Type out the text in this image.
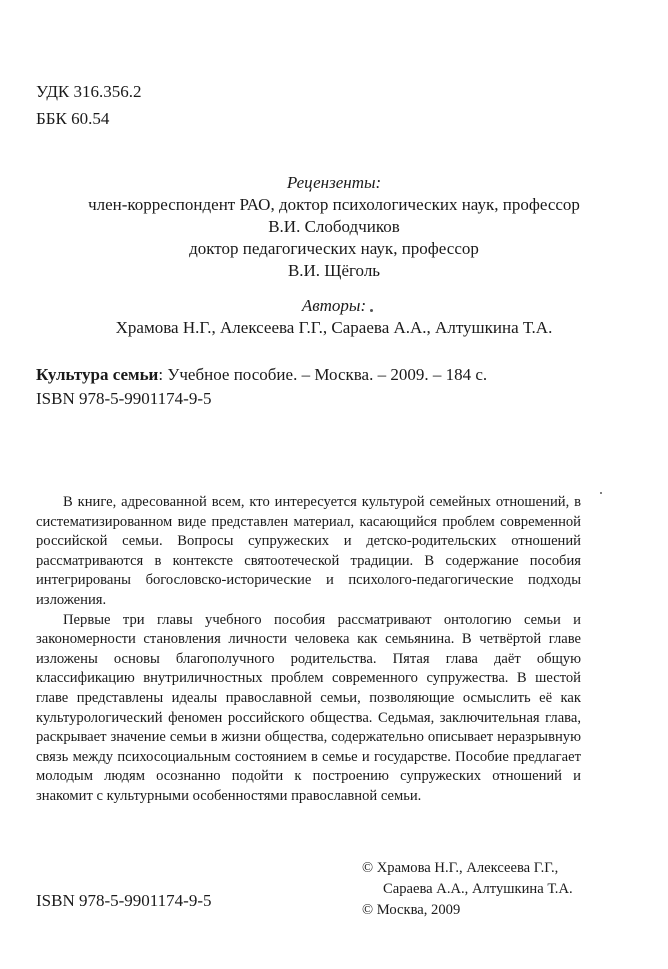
УДК 316.356.2
ББК 60.54
Рецензенты:
член-корреспондент РАО, доктор психологических наук, профессор
В.И. Слободчиков
доктор педагогических наук, профессор
В.И. Щёголь
Авторы:
Храмова Н.Г., Алексеева Г.Г., Сараева А.А., Алтушкина Т.А.
Культура семьи: Учебное пособие. – Москва. – 2009. – 184 с.
ISBN 978-5-9901174-9-5

В книге, адресованной всем, кто интересуется культурой семейных отношений, в систематизированном виде представлен материал, касающийся проблем современной российской семьи. Вопросы супружеских и детско-родительских отношений рассматриваются в контексте святоотеческой традиции. В содержание пособия интегрированы богословско-исторические и психолого-педагогические подходы изложения.

Первые три главы учебного пособия рассматривают онтологию семьи и закономерности становления личности человека как семьянина. В четвёртой главе изложены основы благополучного родительства. Пятая глава даёт общую классификацию внутриличностных проблем современного супружества. В шестой главе представлены идеалы православной семьи, позволяющие осмыслить её как культурологический феномен российского общества. Седьмая, заключительная глава, раскрывает значение семьи в жизни общества, содержательно описывает неразрывную связь между психосоциальным состоянием в семье и государстве. Пособие предлагает молодым людям осознанно подойти к построению супружеских отношений и знакомит с культурными особенностями православной семьи.

© Храмова Н.Г., Алексеева Г.Г.,
Сараева А.А., Алтушкина Т.А.
© Москва, 2009
ISBN 978-5-9901174-9-5
